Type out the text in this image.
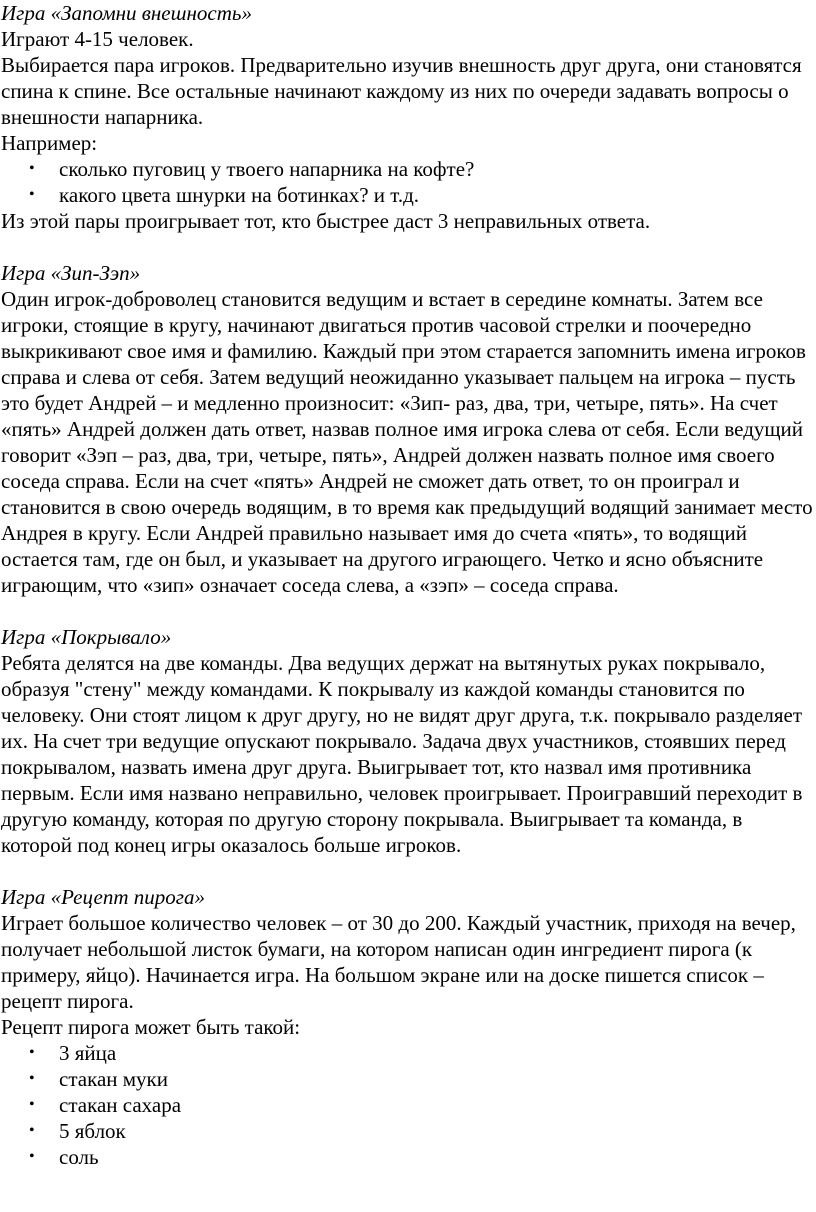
Игра «Запомни внешность»

Играют 4-15 человек.

Выбирается пара игроков. Предварительно изучив внешность друг друга, они становятся спина к спине. Все остальные начинают каждому из них по очереди задавать вопросы о внешности напарника.

Например:

• сколько пуговиц у твоего напарника на кофте?
• какого цвета шнурки на ботинках? и т.д.

Из этой пары проигрывает тот, кто быстрее даст 3 неправильных ответа.

Игра «Зип-Зэп»

Один игрок-доброволец становится ведущим и встает в середине комнаты. Затем все игроки, стоящие в кругу, начинают двигаться против часовой стрелки и поочередно выкрикивают свое имя и фамилию. Каждый при этом старается запомнить имена игроков справа и слева от себя. Затем ведущий неожиданно указывает пальцем на игрока – пусть это будет Андрей – и медленно произносит: «Зип- раз, два, три, четыре, пять». На счет «пять» Андрей должен дать ответ, назвав полное имя игрока слева от себя. Если ведущий говорит «Зэп – раз, два, три, четыре, пять», Андрей должен назвать полное имя своего соседа справа. Если на счет «пять» Андрей не сможет дать ответ, то он проиграл и становится в свою очередь водящим, в то время как предыдущий водящий занимает место Андрея в кругу. Если Андрей правильно называет имя до счета «пять», то водящий остается там, где он был, и указывает на другого играющего. Четко и ясно объясните играющим, что «зип» означает соседа слева, а «зэп» – соседа справа.

Игра «Покрывало»

Ребята делятся на две команды. Два ведущих держат на вытянутых руках покрывало, образуя "стену" между командами. К покрывалу из каждой команды становится по человеку. Они стоят лицом к друг другу, но не видят друг друга, т.к. покрывало разделяет их. На счет три ведущие опускают покрывало. Задача двух участников, стоявших перед покрывалом, назвать имена друг друга. Выигрывает тот, кто назвал имя противника первым. Если имя названо неправильно, человек проигрывает. Проигравший переходит в другую команду, которая по другую сторону покрывала. Выигрывает та команда, в которой под конец игры оказалось больше игроков.

Игра «Рецепт пирога»

Играет большое количество человек – от 30 до 200. Каждый участник, приходя на вечер, получает небольшой листок бумаги, на котором написан один ингредиент пирога (к примеру, яйцо). Начинается игра. На большом экране или на доске пишется список – рецепт пирога.

Рецепт пирога может быть такой:

• 3 яйца
• стакан муки
• стакан сахара
• 5 яблок
• соль
